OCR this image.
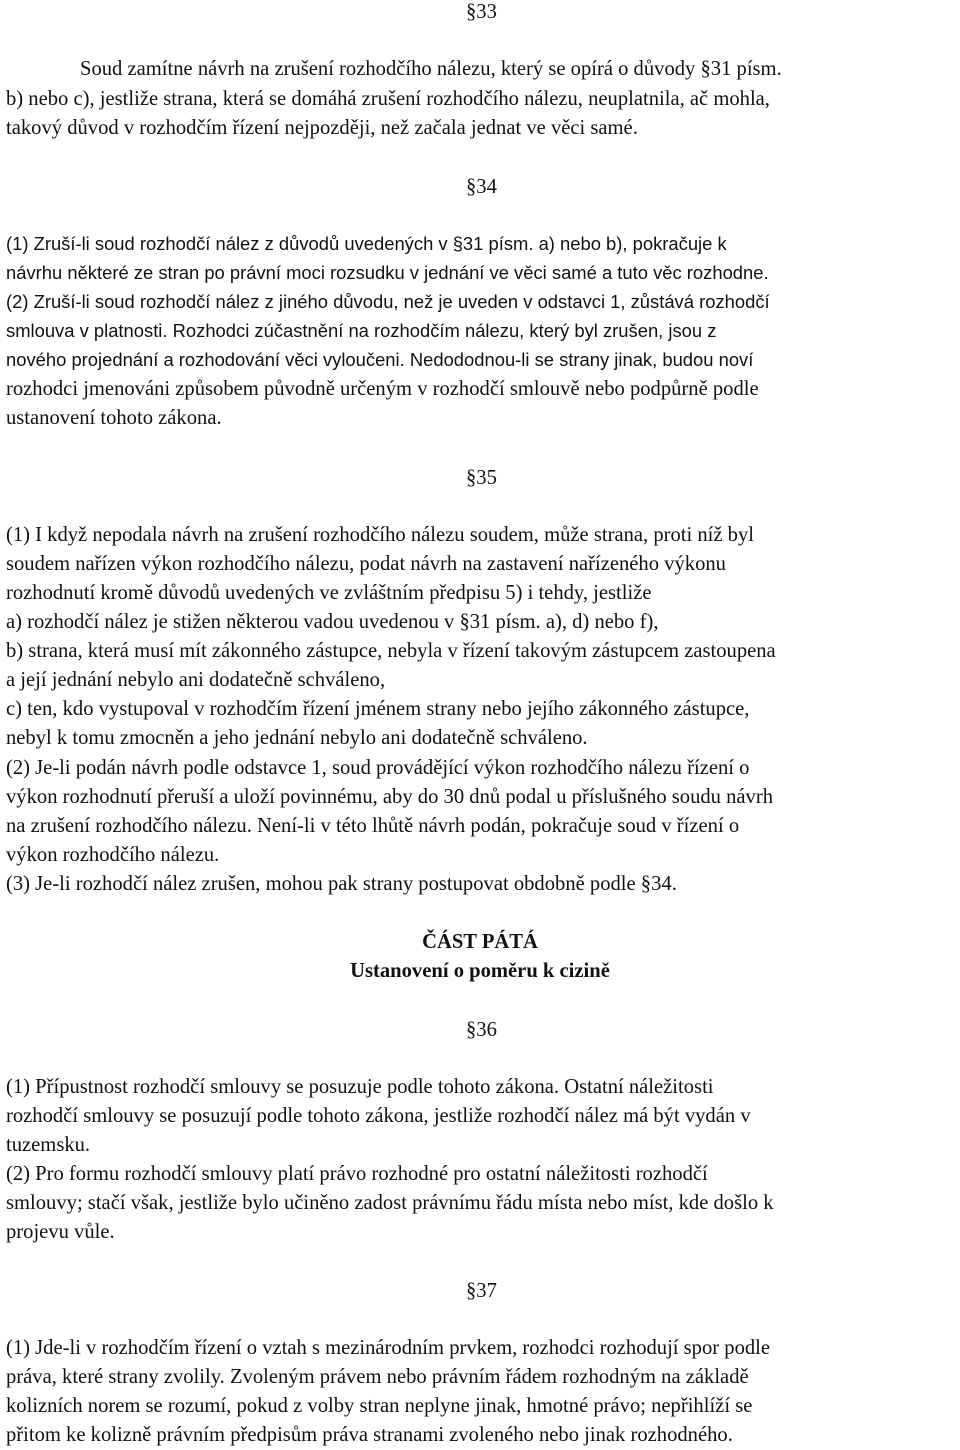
§33
Soud zamítne návrh na zrušení rozhodčího nálezu, který se opírá o důvody §31 písm.
b) nebo c), jestliže strana, která se domáhá zrušení rozhodčího nálezu, neuplatnila, ač mohla,
takový důvod v rozhodčím řízení nejpozději, než začala jednat ve věci samé.
§34
(1) Zruší-li soud rozhodčí nález z důvodů uvedených v §31 písm. a) nebo b), pokračuje k
návrhu některé ze stran po právní moci rozsudku v jednání ve věci samé a tuto věc rozhodne.
(2) Zruší-li soud rozhodčí nález z jiného důvodu, než je uveden v odstavci 1, zůstává rozhodčí
smlouva v platnosti. Rozhodci zúčastnění na rozhodčím nálezu, který byl zrušen, jsou z
nového projednání a rozhodování věci vyloučeni. Nedododnou-li se strany jinak, budou noví
rozhodci jmenováni způsobem původně určeným v rozhodčí smlouvě nebo podpůrně podle
ustanovení tohoto zákona.
§35
(1) I když nepodala návrh na zrušení rozhodčího nálezu soudem, může strana, proti níž byl
soudem nařízen výkon rozhodčího nálezu, podat návrh na zastavení nařízeného výkonu
rozhodnutí kromě důvodů uvedených ve zvláštním předpisu 5) i tehdy, jestliže
a) rozhodčí nález je stižen některou vadou uvedenou v §31 písm. a), d) nebo f),
b) strana, která musí mít zákonného zástupce, nebyla v řízení takovým zástupcem zastoupena
a její jednání nebylo ani dodatečně schváleno,
c) ten, kdo vystupoval v rozhodčím řízení jménem strany nebo jejího zákonného zástupce,
nebyl k tomu zmocněn a jeho jednání nebylo ani dodatečně schváleno.
(2) Je-li podán návrh podle odstavce 1, soud provádějící výkon rozhodčího nálezu řízení o
výkon rozhodnutí přeruší a uloží povinnému, aby do 30 dnů podal u příslušného soudu návrh
na zrušení rozhodčího nálezu. Není-li v této lhůtě návrh podán, pokračuje soud v řízení o
výkon rozhodčího nálezu.
(3) Je-li rozhodčí nález zrušen, mohou pak strany postupovat obdobně podle §34.
ČÁST PÁTÁ
Ustanovení o poměru k cizině
§36
(1) Přípustnost rozhodčí smlouvy se posuzuje podle tohoto zákona. Ostatní náležitosti
rozhodčí smlouvy se posuzují podle tohoto zákona, jestliže rozhodčí nález má být vydán v
tuzemsku.
(2) Pro formu rozhodčí smlouvy platí právo rozhodné pro ostatní náležitosti rozhodčí
smlouvy; stačí však, jestliže bylo učiněno zadost právnímu řádu místa nebo míst, kde došlo k
projevu vůle.
§37
(1) Jde-li v rozhodčím řízení o vztah s mezinárodním prvkem, rozhodci rozhodují spor podle
práva, které strany zvolily. Zvoleným právem nebo právním řádem rozhodným na základě
kolizních norem se rozumí, pokud z volby stran neplyne jinak, hmotné právo; nepřihlíží se
přitom ke kolizně právním předpisům práva stranami zvoleného nebo jinak rozhodného.
